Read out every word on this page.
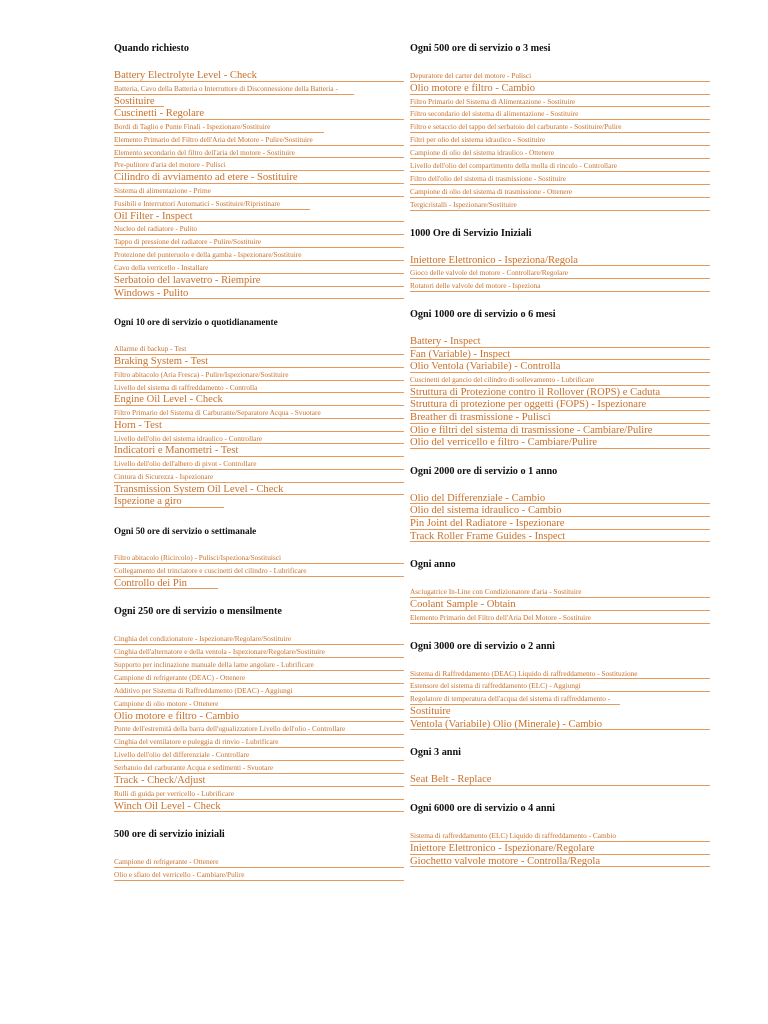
Quando richiesto
Battery Electrolyte Level - Check
Batteria, Cavo della Batteria o Interruttore di Disconnessione della Batteria -
Sostituire
Cuscinetti - Regolare
Bordi di Taglio e Punte Finali - Ispezionare/Sostituire
Elemento Primario del Filtro dell'Aria del Motore - Pulire/Sostituire
Elemento secondario del filtro dell'aria del motore - Sostituire
Pre-pulitore d'aria del motore - Pulisci
Cilindro di avviamento ad etere - Sostituire
Sistema di alimentazione - Prime
Fusibili e Interruttori Automatici - Sostituire/Ripristinare
Oil Filter - Inspect
Nucleo del radiatore - Pulito
Tappo di pressione del radiatore - Pulire/Sostituire
Protezione del punteruolo e della gamba - Ispezionare/Sostituire
Cavo della verricello - Installare
Serbatoio del lavavetro - Riempire
Windows - Pulito
Ogni 10 ore di servizio o quotidianamente
Allarme di backup - Test
Braking System - Test
Filtro abitacolo (Aria Fresca) - Pulire/Ispezionare/Sostituire
Livello del sistema di raffreddamento - Controlla
Engine Oil Level - Check
Filtro Primario del Sistema di Carburante/Separatore Acqua - Svuotare
Horn - Test
Livello dell'olio del sistema idraulico - Controllare
Indicatori e Manometri - Test
Livello dell'olio dell'albero di pivot - Controllare
Cintura di Sicurezza - Ispezionare
Transmission System Oil Level - Check
Ispezione a giro
Ogni 50 ore di servizio o settimanale
Filtro abitacolo (Ricircolo) - Pulisci/Ispeziona/Sostituisci
Collegamento del trinciatore e cuscinetti del cilindro - Lubrificare
Controllo dei Pin
Ogni 250 ore di servizio o mensilmente
Cinghia del condizionatore - Ispezionare/Regolare/Sostituire
Cinghia dell'alternatore e della ventola - Ispezionare/Regolare/Sostituire
Supporto per inclinazione manuale della lame angolare - Lubrificare
Campione di refrigerante (DEAC) - Ottenere
Additivo per Sistema di Raffreddamento (DEAC) - Aggiungi
Campione di olio motore - Ottenere
Olio motore e filtro - Cambio
Punte dell'estremità della barra dell'ugualizzatore Livello dell'olio - Controllare
Cinghia del ventilatore e puleggia di rinvio - Lubrificare
Livello dell'olio del differenziale - Controllare
Serbatoio del carburante Acqua e sedimenti - Svuotare
Track - Check/Adjust
Rulli di guida per verricello - Lubrificare
Winch Oil Level - Check
500 ore di servizio iniziali
Campione di refrigerante - Ottenere
Olio e sfiato del verricello - Cambiare/Pulire
Ogni 500 ore di servizio o 3 mesi
Depuratore del carter del motore - Pulisci
Olio motore e filtro - Cambio
Filtro Primario del Sistema di Alimentazione - Sostituire
Filtro secondario del sistema di alimentazione - Sostituire
Filtro e setaccio del tappo del serbatoio del carburante - Sostituire/Pulire
Filtri per olio del sistema idraulico - Sostituire
Campione di olio del sistema idraulico - Ottenere
Livello dell'olio del compartimento della molla di rinculo - Controllare
Filtro dell'olio del sistema di trasmissione - Sostituire
Campione di olio del sistema di trasmissione - Ottenere
Tergicristalli - Ispezionare/Sostituire
1000 Ore di Servizio Iniziali
Iniettore Elettronico - Ispeziona/Regola
Gioco delle valvole del motore - Controllare/Regolare
Rotatori delle valvole del motore - Ispeziona
Ogni 1000 ore di servizio o 6 mesi
Battery - Inspect
Fan (Variable) - Inspect
Olio Ventola (Variabile) - Controlla
Cuscinetti del gancio del cilindro di sollevamento - Lubrificare
Struttura di Protezione contro il Rollover (ROPS) e Caduta
Struttura di protezione per oggetti (FOPS) - Ispezionare
Breather di trasmissione - Pulisci
Olio e filtri del sistema di trasmissione - Cambiare/Pulire
Olio del verricello e filtro - Cambiare/Pulire
Ogni 2000 ore di servizio o 1 anno
Olio del Differenziale - Cambio
Olio del sistema idraulico - Cambio
Pin Joint del Radiatore - Ispezionare
Track Roller Frame Guides - Inspect
Ogni anno
Asciugatrice In-Line con Condizionatore d'aria - Sostituire
Coolant Sample - Obtain
Elemento Primario del Filtro dell'Aria Del Motore - Sostituire
Ogni 3000 ore di servizio o 2 anni
Sistema di Raffreddamento (DEAC) Liquido di raffreddamento - Sostituzione
Estensore del sistema di raffreddamento (ELC) - Aggiungi
Regolatore di temperatura dell'acqua del sistema di raffreddamento -
Sostituire
Ventola (Variabile) Olio (Minerale) - Cambio
Ogni 3 anni
Seat Belt - Replace
Ogni 6000 ore di servizio o 4 anni
Sistema di raffreddamento (ELC) Liquido di raffreddamento - Cambio
Iniettore Elettronico - Ispezionare/Regolare
Giochetto valvole motore - Controlla/Regola
